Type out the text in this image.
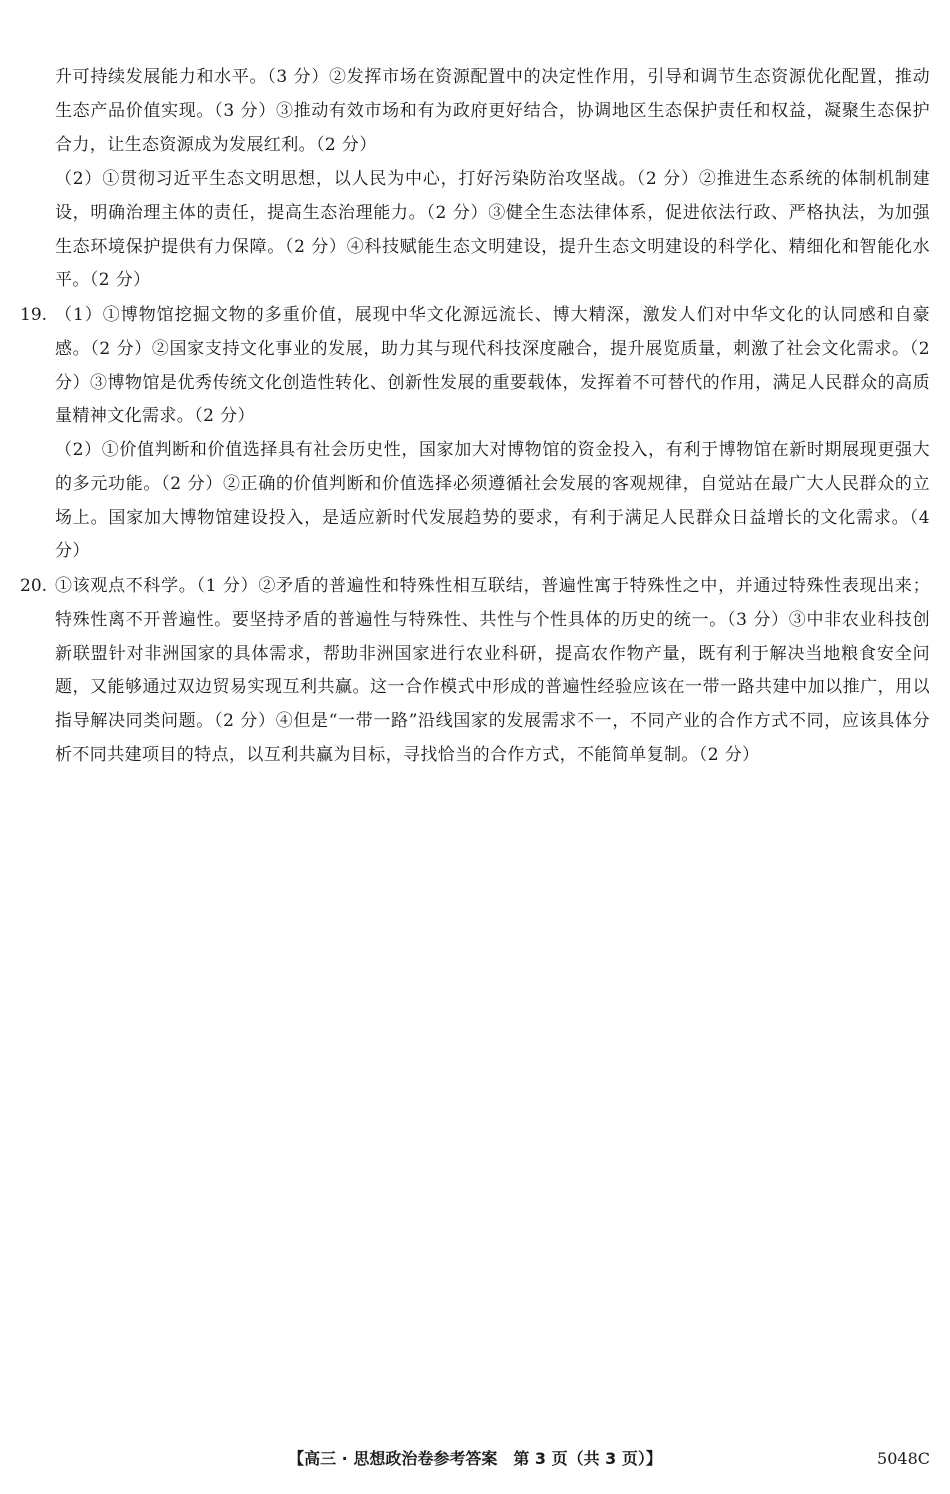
升可持续发展能力和水平。（3 分）②发挥市场在资源配置中的决定性作用，引导和调节生态资源优化配置，推动生态产品价值实现。（3 分）③推动有效市场和有为政府更好结合，协调地区生态保护责任和权益，凝聚生态保护合力，让生态资源成为发展红利。（2 分）
（2）①贯彻习近平生态文明思想，以人民为中心，打好污染防治攻坚战。（2 分）②推进生态系统的体制机制建设，明确治理主体的责任，提高生态治理能力。（2 分）③健全生态法律体系，促进依法行政、严格执法，为加强生态环境保护提供有力保障。（2 分）④科技赋能生态文明建设，提升生态文明建设的科学化、精细化和智能化水平。（2 分）
19. （1）①博物馆挖掘文物的多重价值，展现中华文化源远流长、博大精深，激发人们对中华文化的认同感和自豪感。（2 分）②国家支持文化事业的发展，助力其与现代科技深度融合，提升展览质量，刺激了社会文化需求。（2 分）③博物馆是优秀传统文化创造性转化、创新性发展的重要载体，发挥着不可替代的作用，满足人民群众的高质量精神文化需求。（2 分）
（2）①价值判断和价值选择具有社会历史性，国家加大对博物馆的资金投入，有利于博物馆在新时期展现更强大的多元功能。（2 分）②正确的价值判断和价值选择必须遵循社会发展的客观规律，自觉站在最广大人民群众的立场上。国家加大博物馆建设投入，是适应新时代发展趋势的要求，有利于满足人民群众日益增长的文化需求。（4 分）
20. ①该观点不科学。（1 分）②矛盾的普遍性和特殊性相互联结，普遍性寓于特殊性之中，并通过特殊性表现出来；特殊性离不开普遍性。要坚持矛盾的普遍性与特殊性、共性与个性具体的历史的统一。（3 分）③中非农业科技创新联盟针对非洲国家的具体需求，帮助非洲国家进行农业科研，提高农作物产量，既有利于解决当地粮食安全问题，又能够通过双边贸易实现互利共赢。这一合作模式中形成的普遍性经验应该在一带一路共建中加以推广，用以指导解决同类问题。（2 分）④但是“一带一路”沿线国家的发展需求不一，不同产业的合作方式不同，应该具体分析不同共建项目的特点，以互利共赢为目标，寻找恰当的合作方式，不能简单复制。（2 分）
【高三 · 思想政治卷参考答案　第 3 页（共 3 页）】	5048C
